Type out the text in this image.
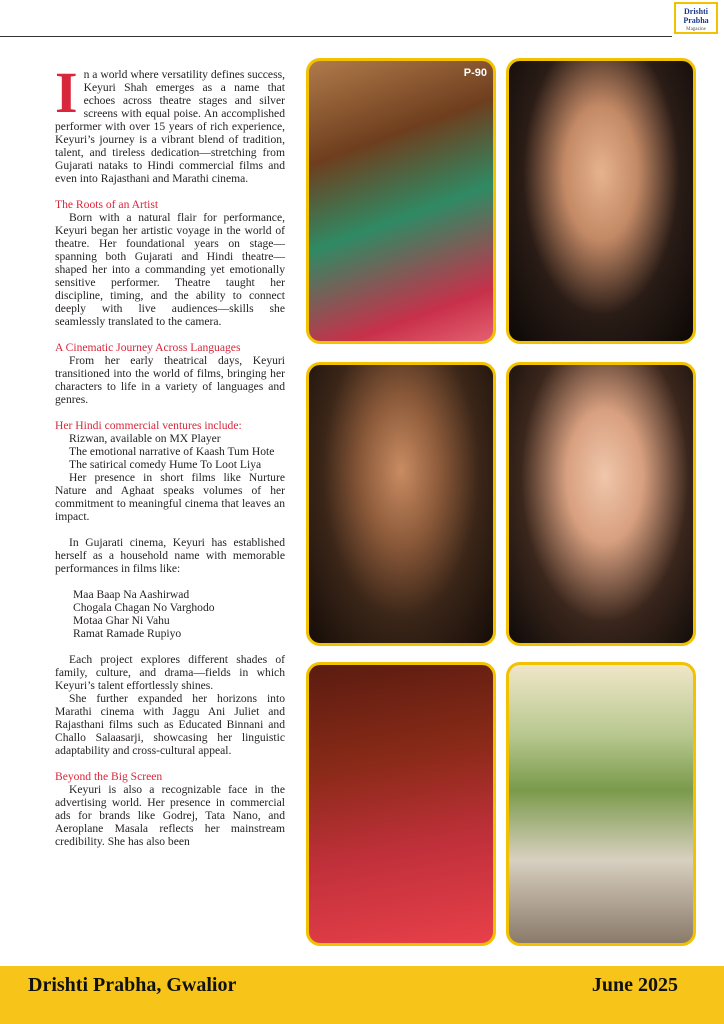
Drishti
Prabha
Magazine

In a world where versatility defines success, Keyuri Shah emerges as a name that echoes across theatre stages and silver screens with equal poise. An accomplished performer with over 15 years of rich experience, Keyuri’s journey is a vibrant blend of tradition, talent, and tireless dedication—stretching from Gujarati nataks to Hindi commercial films and even into Rajasthani and Marathi cinema.

The Roots of an Artist

Born with a natural flair for performance, Keyuri began her artistic voyage in the world of theatre. Her foundational years on stage—spanning both Gujarati and Hindi theatre—shaped her into a commanding yet emotionally sensitive performer. Theatre taught her discipline, timing, and the ability to connect deeply with live audiences—skills she seamlessly translated to the camera.

A Cinematic Journey Across Languages

From her early theatrical days, Keyuri transitioned into the world of films, bringing her characters to life in a variety of languages and genres.

Her Hindi commercial ventures include:

Rizwan, available on MX Player

The emotional narrative of Kaash Tum Hote

The satirical comedy Hume To Loot Liya

Her presence in short films like Nurture Nature and Aghaat speaks volumes of her commitment to meaningful cinema that leaves an impact.

In Gujarati cinema, Keyuri has established herself as a household name with memorable performances in films like:

Maa Baap Na Aashirwad

Chogala Chagan No Varghodo

Motaa Ghar Ni Vahu

Ramat Ramade Rupiyo

Each project explores different shades of family, culture, and drama—fields in which Keyuri’s talent effortlessly shines.

She further expanded her horizons into Marathi cinema with Jaggu Ani Juliet and Rajasthani films such as Educated Binnani and Challo Salaasarji, showcasing her linguistic adaptability and cross-cultural appeal.

Beyond the Big Screen

Keyuri is also a recognizable face in the advertising world. Her presence in commercial ads for brands like Godrej, Tata Nano, and Aeroplane Masala reflects her mainstream credibility. She has also been

P-90
Drishti Prabha, Gwalior	June 2025
